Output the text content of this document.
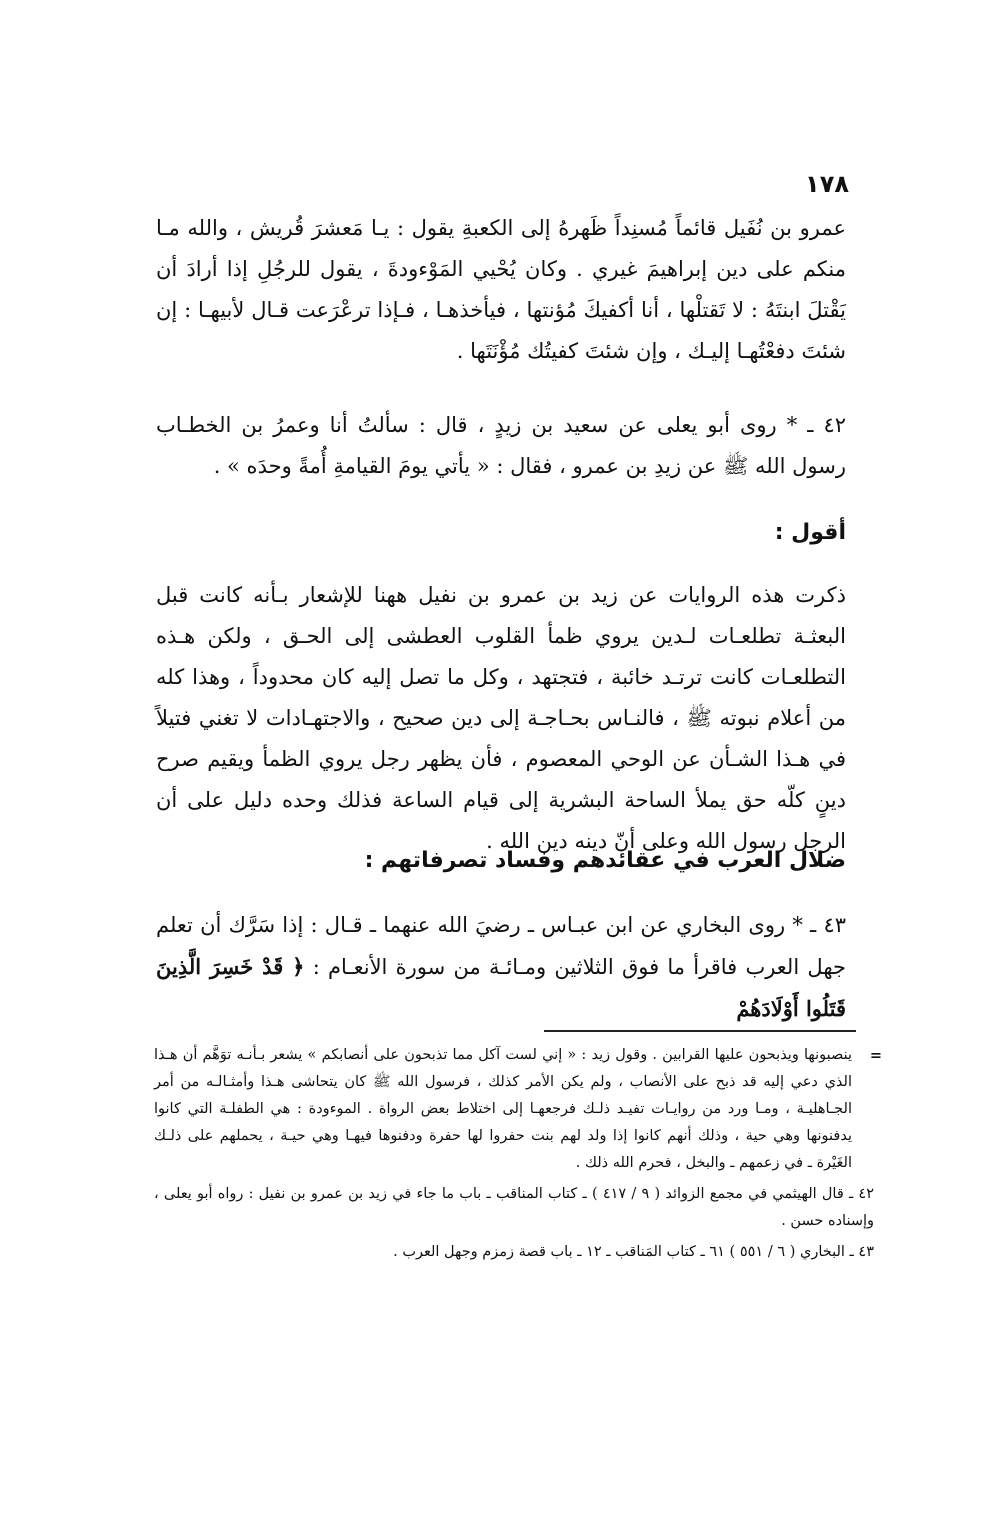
١٧٨

عمرو بن نُفَيل قائماً مُسنِداً ظَهرهُ إلى الكعبةِ يقول : يـا مَعشرَ قُريش ، والله مـا منكم على دين إبراهيمَ غيري . وكان يُحْيي المَوْءودةَ ، يقول للرجُلِ إذا أرادَ أن يَقْتلَ ابنتَهُ : لا تَقتلْها ، أنا أكفيكَ مُؤنتها ، فيأخذهـا ، فـإذا ترعْرَعت قـال لأبيهـا : إن شئتَ دفعْتُهـا إليـك ، وإن شئتَ كفيتُك مُؤْنَتَها .

٤٢ ـ * روى أبو يعلى عن سعيد بن زيدٍ ، قال : سألتُ أنا وعمرُ بن الخطـاب رسول الله ﷺ عن زيدِ بن عمرو ، فقال : « يأتي يومَ القيامةِ أُمةً وحدَه » .

أقول :

ذكرت هذه الروايات عن زيد بن عمرو بن نفيل ههنا للإشعار بـأنه كانت قبل البعثـة تطلعـات لـدين يروي ظمأ القلوب العطشى إلى الحـق ، ولكن هـذه التطلعـات كانت ترتـد خائبة ، فتجتهد ، وكل ما تصل إليه كان محدوداً ، وهذا كله من أعلام نبوته ﷺ ، فالنـاس بحـاجـة إلى دين صحيح ، والاجتهـادات لا تغني فتيلاً في هـذا الشـأن عن الوحي المعصوم ، فأن يظهر رجل يروي الظمأ ويقيم صرح دينٍ كلّه حق يملأ الساحة البشرية إلى قيام الساعة فذلك وحده دليل على أن الرجل رسول الله وعلى أنّ دينه دين الله .

ضلال العرب في عقائدهم وفساد تصرفاتهم :

٤٣ ـ * روى البخاري عن ابن عبـاس ـ رضيَ الله عنهما ـ قـال : إذا سَرَّك أن تعلم جهل العرب فاقرأ ما فوق الثلاثين ومـائـة من سورة الأنعـام : ﴿ قَدْ خَسِرَ الَّذِينَ قَتَلُوا أَوْلَادَهُمْ

=
ينصبونها ويذبحون عليها القرابين . وقول زيد : « إني لست آكل مما تذبحون على أنصابكم » يشعر بـأنـه توَهَّم أن هـذا الذي دعي إليه قد ذبح على الأنصاب ، ولم يكن الأمر كذلك ، فرسول الله ﷺ كان يتحاشى هـذا وأمثـالـه من أمر الجـاهليـة ، ومـا ورد من روايـات تفيـد ذلـك فرجعهـا إلى اختلاط بعض الرواة . الموءودة : هي الطفلـة التي كانوا يدفنونها وهي حية ، وذلك أنهم كانوا إذا ولد لهم بنت حفروا لها حفرة ودفنوها فيهـا وهي حيـة ، يحملهم على ذلـك الغَيْرة ـ في زعمهم ـ والبخل ، فحرم الله ذلك .

٤٢ ـ قال الهيثمي في مجمع الزوائد ( ٩ / ٤١٧ ) ـ كتاب المناقب ـ باب ما جاء في زيد بن عمرو بن نفيل : رواه أبو يعلى ، وإسناده حسن .

٤٣ ـ البخاري ( ٦ / ٥٥١ ) ٦١ ـ كتاب المَناقب ـ ١٢ ـ باب قصة زمزم وجهل العرب .
